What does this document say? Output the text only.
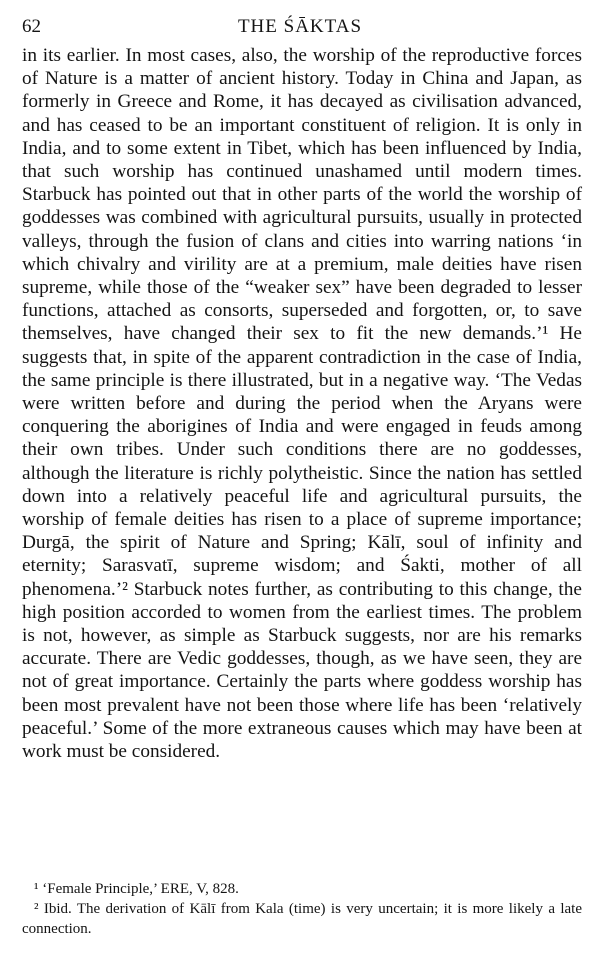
62	THE ŚĀKTAS

in its earlier. In most cases, also, the worship of the reproductive forces of Nature is a matter of ancient history. Today in China and Japan, as formerly in Greece and Rome, it has decayed as civilisation advanced, and has ceased to be an important constituent of religion. It is only in India, and to some extent in Tibet, which has been influenced by India, that such worship has continued unashamed until modern times. Starbuck has pointed out that in other parts of the world the worship of goddesses was combined with agricultural pursuits, usually in protected valleys, through the fusion of clans and cities into warring nations ‘in which chivalry and virility are at a premium, male deities have risen supreme, while those of the “weaker sex” have been degraded to lesser functions, attached as consorts, superseded and forgotten, or, to save themselves, have changed their sex to fit the new demands.’¹ He suggests that, in spite of the apparent contradiction in the case of India, the same principle is there illustrated, but in a negative way. ‘The Vedas were written before and during the period when the Aryans were conquering the aborigines of India and were engaged in feuds among their own tribes. Under such conditions there are no goddesses, although the literature is richly polytheistic. Since the nation has settled down into a relatively peaceful life and agricultural pursuits, the worship of female deities has risen to a place of supreme importance; Durgā, the spirit of Nature and Spring; Kālī, soul of infinity and eternity; Sarasvatī, supreme wisdom; and Śakti, mother of all phenomena.’² Starbuck notes further, as contributing to this change, the high position accorded to women from the earliest times. The problem is not, however, as simple as Starbuck suggests, nor are his remarks accurate. There are Vedic goddesses, though, as we have seen, they are not of great importance. Certainly the parts where goddess worship has been most prevalent have not been those where life has been ‘relatively peaceful.’ Some of the more extraneous causes which may have been at work must be considered.

¹ ‘Female Principle,’ ERE, V, 828.

² Ibid. The derivation of Kālī from Kala (time) is very uncertain; it is more likely a late connection.
